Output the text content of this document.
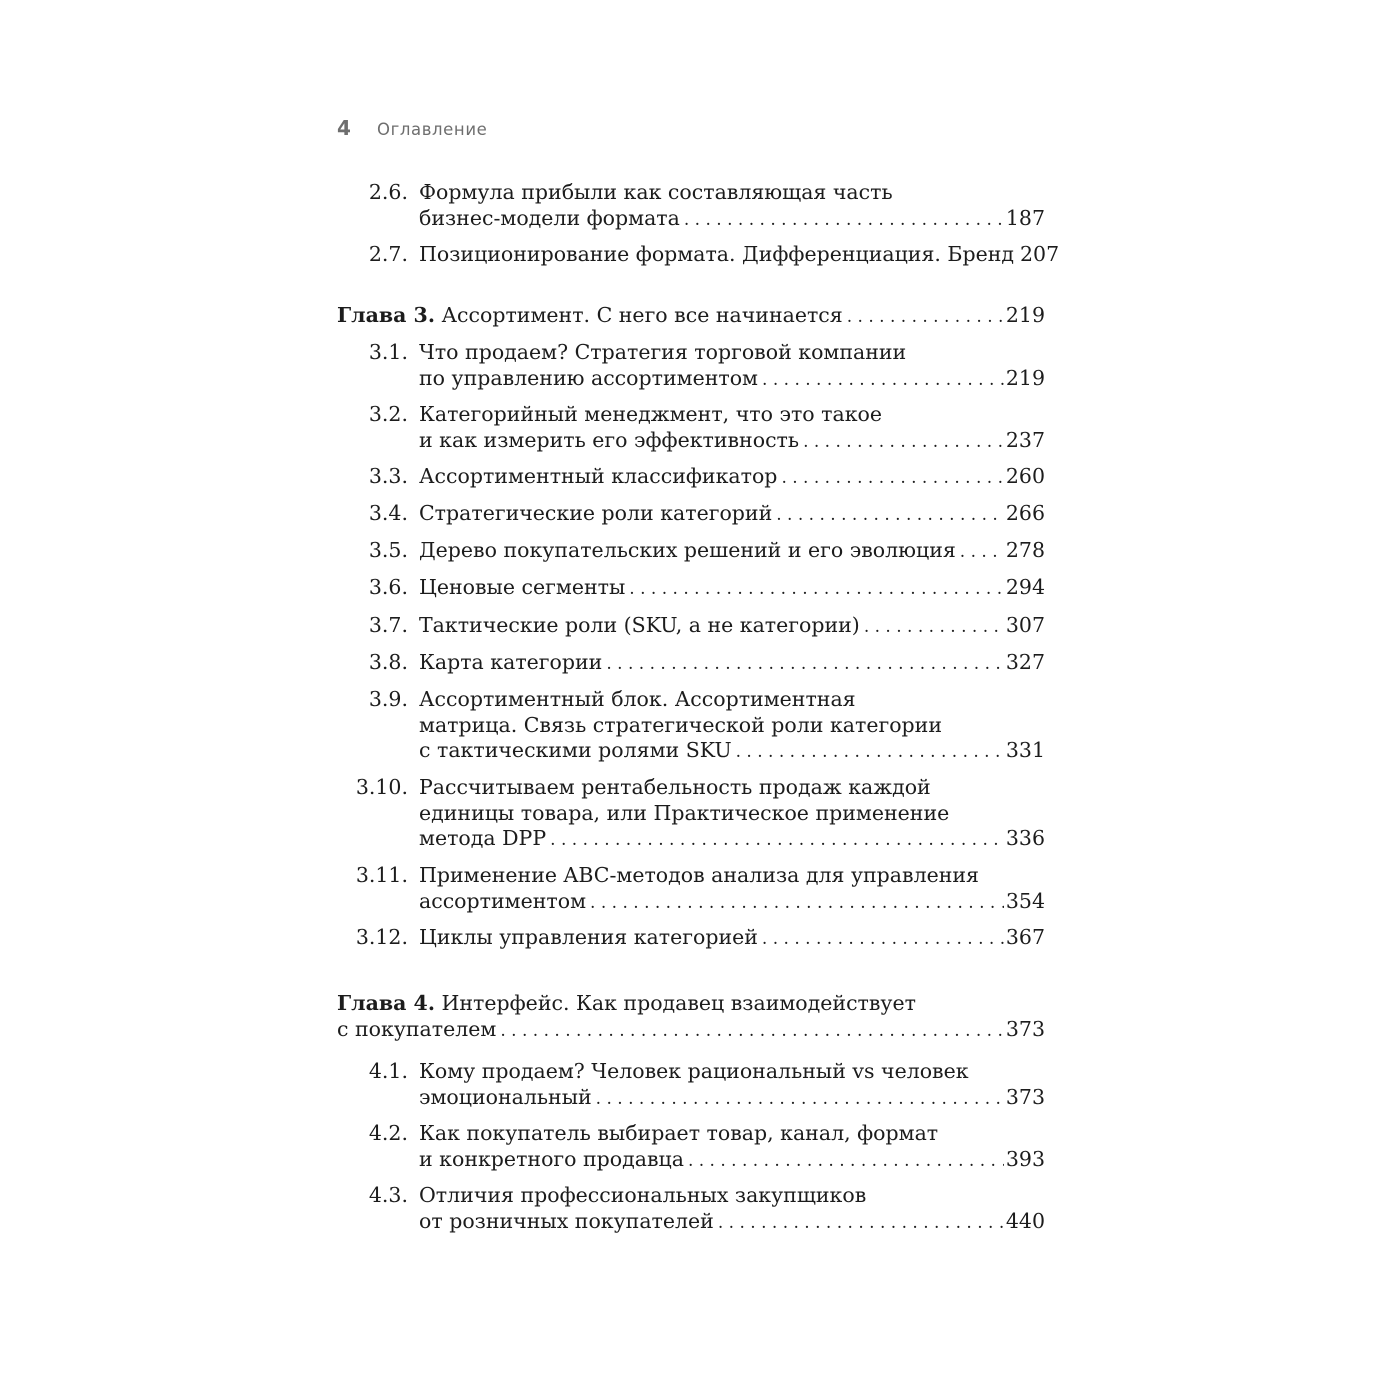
4	Оглавление
2.6. Формула прибыли как составляющая часть
бизнес-модели формата . . .	187
2.7. Позиционирование формата. Дифференциация. Бренд 207
Глава 3. Ассортимент. С него все начинается . . .	219
3.1. Что продаем? Стратегия торговой компании
по управлению ассортиментом . . .	219
3.2. Категорийный менеджмент, что это такое
и как измерить его эффективность . . .	237
3.3. Ассортиментный классификатор . . .	260
3.4. Стратегические роли категорий . . .	266
3.5. Дерево покупательских решений и его эволюция . . . 278
3.6. Ценовые сегменты . . .	294
3.7. Тактические роли (SKU, а не категории) . . .	307
3.8. Карта категории . . .	327
3.9. Ассортиментный блок. Ассортиментная
матрица. Связь стратегической роли категории
с тактическими ролями SKU . . .	331
3.10. Рассчитываем рентабельность продаж каждой
единицы товара, или Практическое применение
метода DPP . . .	336
3.11. Применение ABC-методов анализа для управления
ассортиментом . . .	354
3.12. Циклы управления категорией . . .	367
Глава 4. Интерфейс. Как продавец взаимодействует
с покупателем . . .	373
4.1. Кому продаем? Человек рациональный vs человек
эмоциональный . . .	373
4.2. Как покупатель выбирает товар, канал, формат
и конкретного продавца . . .	393
4.3. Отличия профессиональных закупщиков
от розничных покупателей . . .	440
